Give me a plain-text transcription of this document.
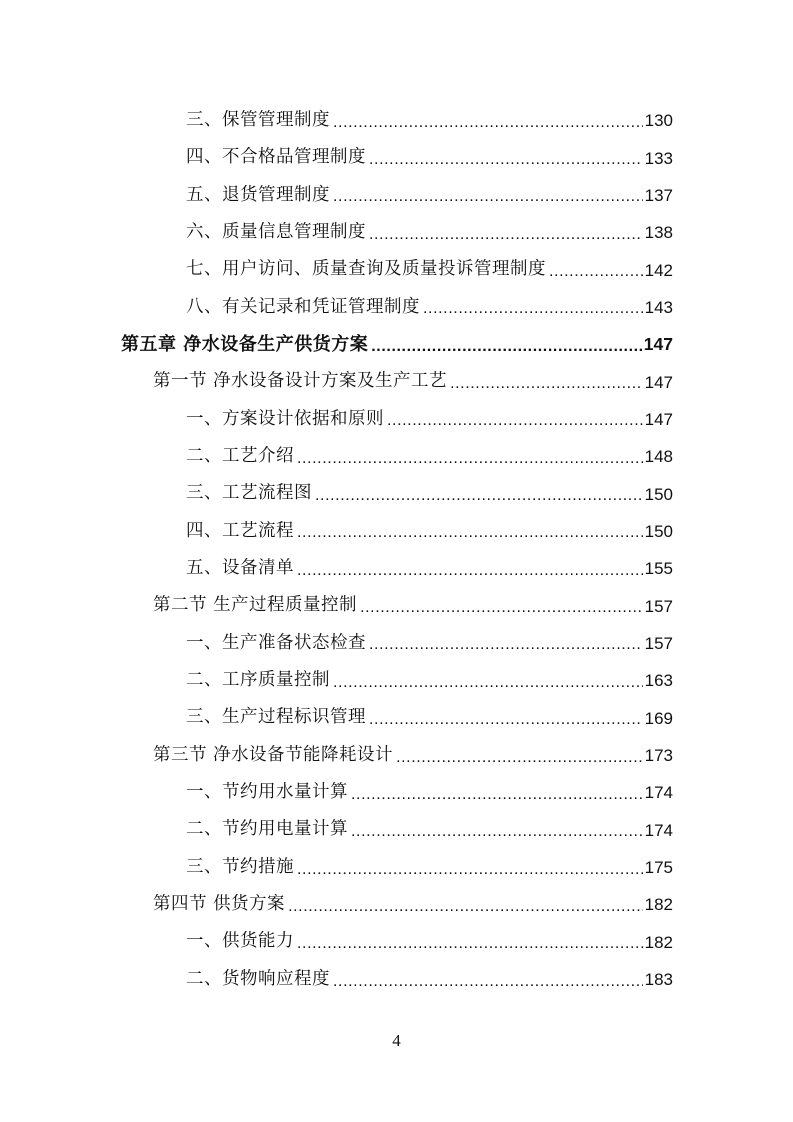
三、保管管理制度 .....	130
四、不合格品管理制度 .....	133
五、退货管理制度 .....	137
六、质量信息管理制度 .....	138
七、用户访问、质量查询及质量投诉管理制度 .....	142
八、有关记录和凭证管理制度 .....	143
第五章 净水设备生产供货方案 .....	147
第一节 净水设备设计方案及生产工艺 .....	147
一、方案设计依据和原则 .....	147
二、工艺介绍 .....	148
三、工艺流程图 .....	150
四、工艺流程 .....	150
五、设备清单 .....	155
第二节 生产过程质量控制 .....	157
一、生产准备状态检查 .....	157
二、工序质量控制 .....	163
三、生产过程标识管理 .....	169
第三节 净水设备节能降耗设计 .....	173
一、节约用水量计算 .....	174
二、节约用电量计算 .....	174
三、节约措施 .....	175
第四节 供货方案 .....	182
一、供货能力 .....	182
二、货物响应程度 .....	183
4
